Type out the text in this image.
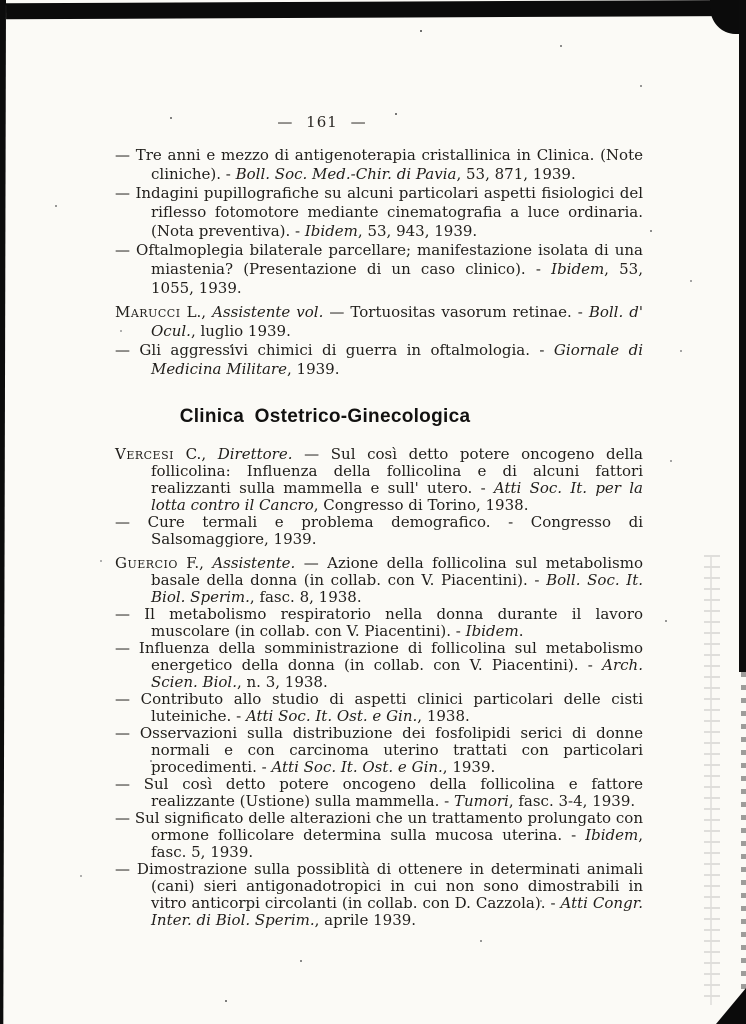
— 161 —

— Tre anni e mezzo di antigenoterapia cristallinica in Clinica. (Note cliniche). - Boll. Soc. Med.-Chir. di Pavia, 53, 871, 1939.

— Indagini pupillografiche su alcuni particolari aspetti fisiologici del riflesso fotomotore mediante cinematografia a luce ordinaria. (Nota preventiva). - Ibidem, 53, 943, 1939.

— Oftalmoplegia bilaterale parcellare; manifestazione isolata di una miastenia? (Presentazione di un caso clinico). - Ibidem, 53, 1055, 1939.

Marucci L., Assistente vol. — Tortuositas vasorum retinae. - Boll. d' Ocul., luglio 1939.

— Gli aggressivi chimici di guerra in oftalmologia. - Giornale di Medicina Militare, 1939.

Clinica Ostetrico-Ginecologica

Vercesi C., Direttore. — Sul così detto potere oncogeno della follicolina: Influenza della follicolina e di alcuni fattori realizzanti sulla mammella e sull' utero. - Atti Soc. It. per la lotta contro il Cancro, Congresso di Torino, 1938.

— Cure termali e problema demografico. - Congresso di Salsomaggiore, 1939.

Guercio F., Assistente. — Azione della follicolina sul metabolismo basale della donna (in collab. con V. Piacentini). - Boll. Soc. It. Biol. Sperim., fasc. 8, 1938.

— Il metabolismo respiratorio nella donna durante il lavoro muscolare (in collab. con V. Piacentini). - Ibidem.

— Influenza della somministrazione di follicolina sul metabolismo energetico della donna (in collab. con V. Piacentini). - Arch. Scien. Biol., n. 3, 1938.

— Contributo allo studio di aspetti clinici particolari delle cisti luteiniche. - Atti Soc. It. Ost. e Gin., 1938.

— Osservazioni sulla distribuzione dei fosfolipidi serici di donne normali e con carcinoma uterino trattati con particolari procedimenti. - Atti Soc. It. Ost. e Gin., 1939.

— Sul così detto potere oncogeno della follicolina e fattore realizzante (Ustione) sulla mammella. - Tumori, fasc. 3-4, 1939.

— Sul significato delle alterazioni che un trattamento prolungato con ormone follicolare determina sulla mucosa uterina. - Ibidem, fasc. 5, 1939.

— Dimostrazione sulla possiblità di ottenere in determinati animali (cani) sieri antigonadotropici in cui non sono dimostrabili in vitro anticorpi circolanti (in collab. con D. Cazzola). - Atti Congr. Inter. di Biol. Sperim., aprile 1939.
